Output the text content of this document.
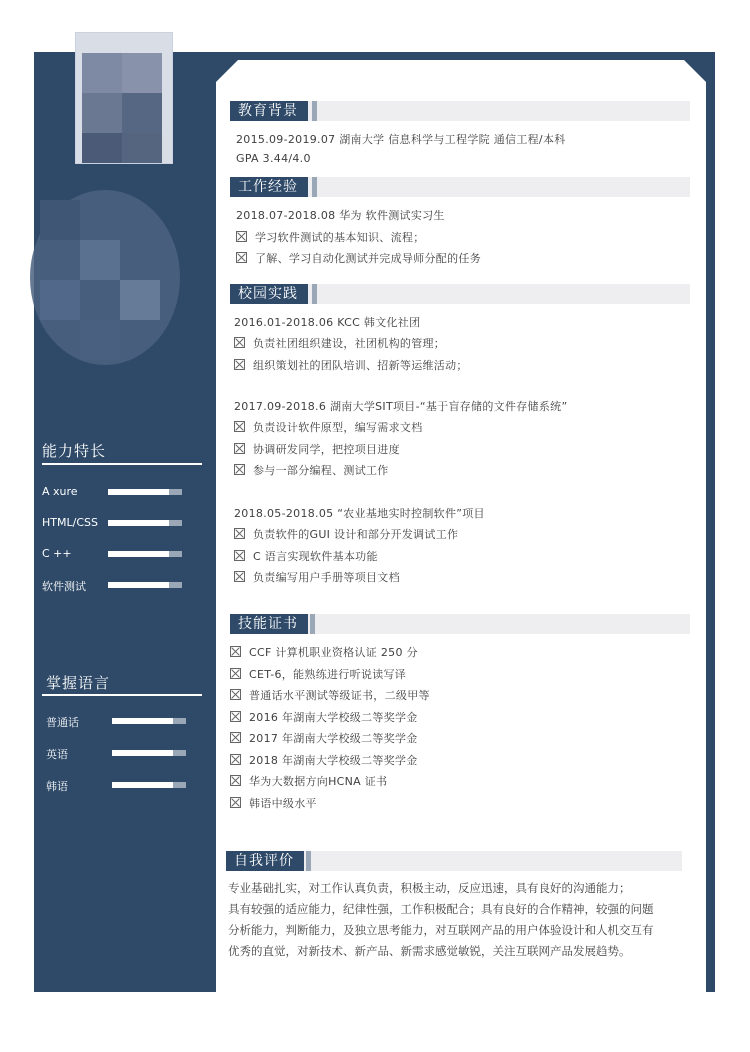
能力特长
A xure
HTML/CSS
C ++
软件测试
掌握语言
普通话
英语
韩语
教育背景
2015.09-2019.07 湖南大学 信息科学与工程学院 通信工程/本科
GPA 3.44/4.0
工作经验
2018.07-2018.08 华为 软件测试实习生
学习软件测试的基本知识、流程；
了解、学习自动化测试并完成导师分配的任务
校园实践
2016.01-2018.06 KCC 韩文化社团
负责社团组织建设，社团机构的管理；
组织策划社的团队培训、招新等运维活动；
2017.09-2018.6 湖南大学SIT项目-“基于盲存储的文件存储系统”
负责设计软件原型，编写需求文档
协调研发同学，把控项目进度
参与一部分编程、测试工作
2018.05-2018.05 “农业基地实时控制软件”项目
负责软件的GUI 设计和部分开发调试工作
C 语言实现软件基本功能
负责编写用户手册等项目文档
技能证书
CCF 计算机职业资格认证 250 分
CET-6，能熟练进行听说读写译
普通话水平测试等级证书，二级甲等
2016 年湖南大学校级二等奖学金
2017 年湖南大学校级二等奖学金
2018 年湖南大学校级二等奖学金
华为大数据方向HCNA 证书
韩语中级水平
自我评价
专业基础扎实，对工作认真负责，积极主动，反应迅速，具有良好的沟通能力；
具有较强的适应能力，纪律性强，工作积极配合；具有良好的合作精神，较强的问题
分析能力，判断能力，及独立思考能力，对互联网产品的用户体验设计和人机交互有
优秀的直觉，对新技术、新产品、新需求感觉敏锐，关注互联网产品发展趋势。
